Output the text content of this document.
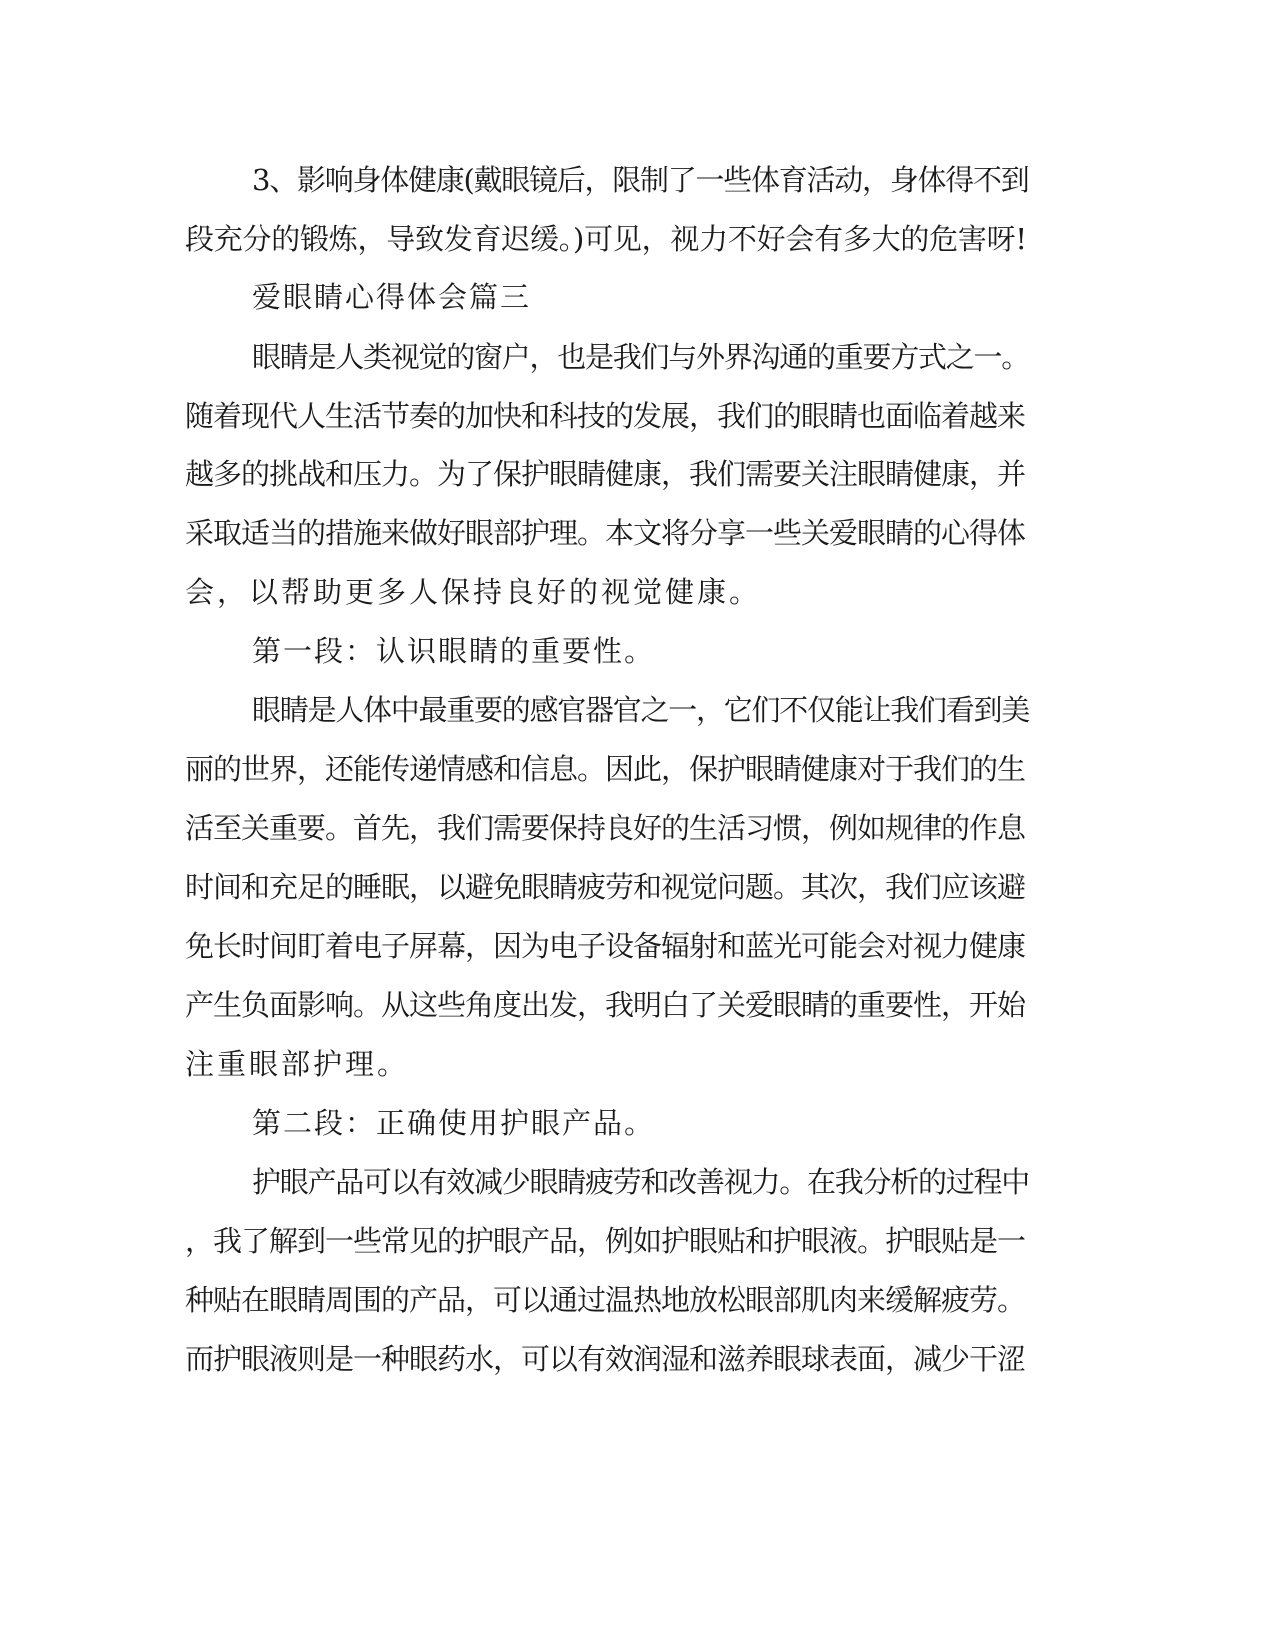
3、影响身体健康(戴眼镜后，限制了一些体育活动，身体得不到

段充分的锻炼，导致发育迟缓。)可见，视力不好会有多大的危害呀!

爱眼睛心得体会篇三

眼睛是人类视觉的窗户，也是我们与外界沟通的重要方式之一。

随着现代人生活节奏的加快和科技的发展，我们的眼睛也面临着越来

越多的挑战和压力。为了保护眼睛健康，我们需要关注眼睛健康，并

采取适当的措施来做好眼部护理。本文将分享一些关爱眼睛的心得体

会，以帮助更多人保持良好的视觉健康。

第一段：认识眼睛的重要性。

眼睛是人体中最重要的感官器官之一，它们不仅能让我们看到美

丽的世界，还能传递情感和信息。因此，保护眼睛健康对于我们的生

活至关重要。首先，我们需要保持良好的生活习惯，例如规律的作息

时间和充足的睡眠，以避免眼睛疲劳和视觉问题。其次，我们应该避

免长时间盯着电子屏幕，因为电子设备辐射和蓝光可能会对视力健康

产生负面影响。从这些角度出发，我明白了关爱眼睛的重要性，开始

注重眼部护理。

第二段：正确使用护眼产品。

护眼产品可以有效减少眼睛疲劳和改善视力。在我分析的过程中

，我了解到一些常见的护眼产品，例如护眼贴和护眼液。护眼贴是一

种贴在眼睛周围的产品，可以通过温热地放松眼部肌肉来缓解疲劳。

而护眼液则是一种眼药水，可以有效润湿和滋养眼球表面，减少干涩
